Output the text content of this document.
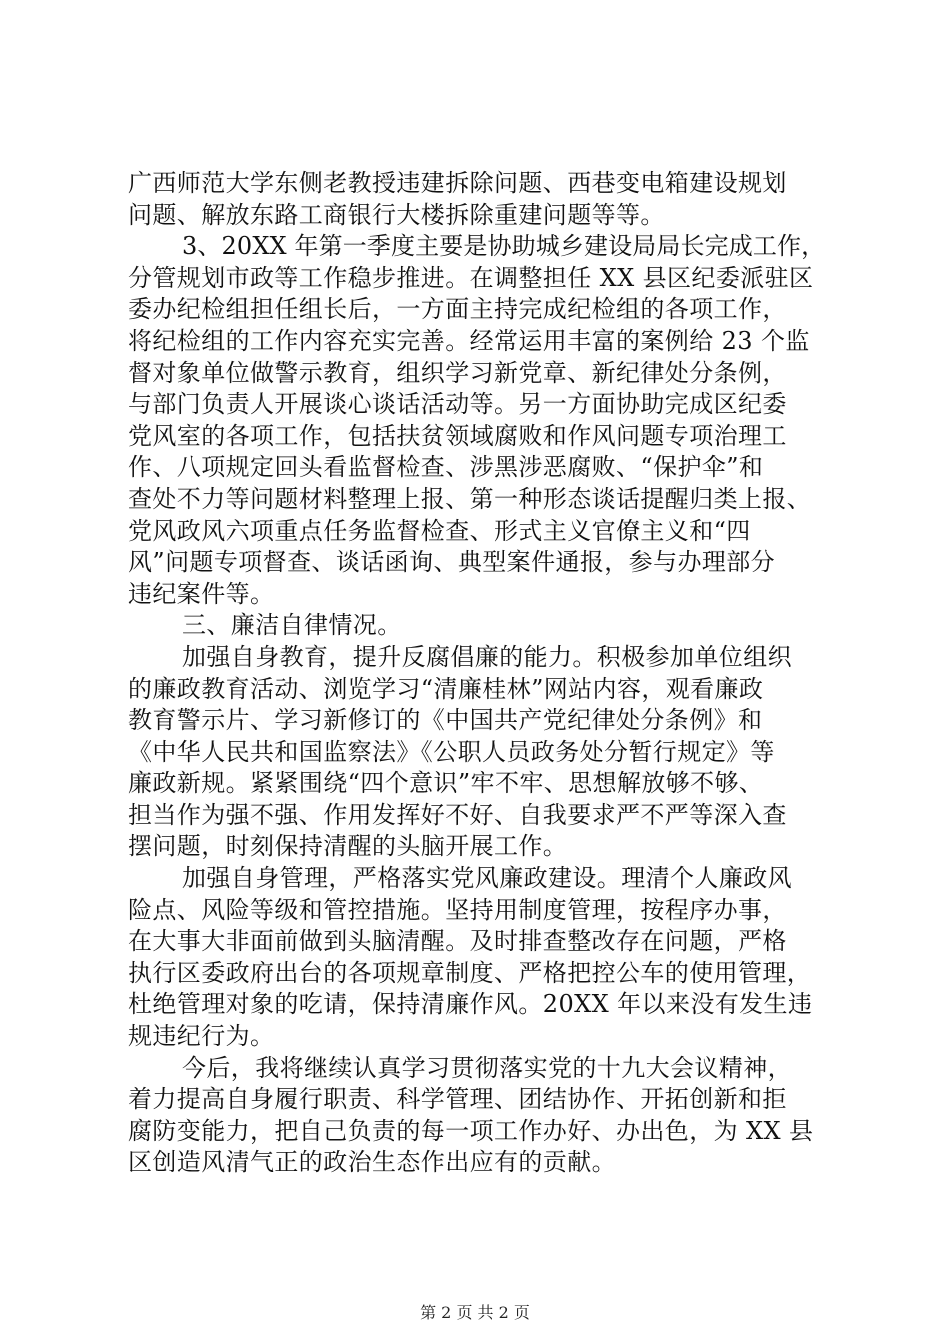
广西师范大学东侧老教授违建拆除问题、西巷变电箱建设规划
问题、解放东路工商银行大楼拆除重建问题等等。
3、20XX 年第一季度主要是协助城乡建设局局长完成工作，
分管规划市政等工作稳步推进。在调整担任 XX 县区纪委派驻区
委办纪检组担任组长后，一方面主持完成纪检组的各项工作，
将纪检组的工作内容充实完善。经常运用丰富的案例给 23 个监
督对象单位做警示教育，组织学习新党章、新纪律处分条例，
与部门负责人开展谈心谈话活动等。另一方面协助完成区纪委
党风室的各项工作，包括扶贫领域腐败和作风问题专项治理工
作、八项规定回头看监督检查、涉黑涉恶腐败、“保护伞”和
查处不力等问题材料整理上报、第一种形态谈话提醒归类上报、
党风政风六项重点任务监督检查、形式主义官僚主义和“四
风”问题专项督查、谈话函询、典型案件通报，参与办理部分
违纪案件等。
三、廉洁自律情况。
加强自身教育，提升反腐倡廉的能力。积极参加单位组织
的廉政教育活动、浏览学习“清廉桂林”网站内容，观看廉政
教育警示片、学习新修订的《中国共产党纪律处分条例》和
《中华人民共和国监察法》《公职人员政务处分暂行规定》等
廉政新规。紧紧围绕“四个意识”牢不牢、思想解放够不够、
担当作为强不强、作用发挥好不好、自我要求严不严等深入查
摆问题，时刻保持清醒的头脑开展工作。
加强自身管理，严格落实党风廉政建设。理清个人廉政风
险点、风险等级和管控措施。坚持用制度管理，按程序办事，
在大事大非面前做到头脑清醒。及时排查整改存在问题，严格
执行区委政府出台的各项规章制度、严格把控公车的使用管理，
杜绝管理对象的吃请，保持清廉作风。20XX 年以来没有发生违
规违纪行为。
今后，我将继续认真学习贯彻落实党的十九大会议精神，
着力提高自身履行职责、科学管理、团结协作、开拓创新和拒
腐防变能力，把自己负责的每一项工作办好、办出色，为 XX 县
区创造风清气正的政治生态作出应有的贡献。
第 2 页 共 2 页
